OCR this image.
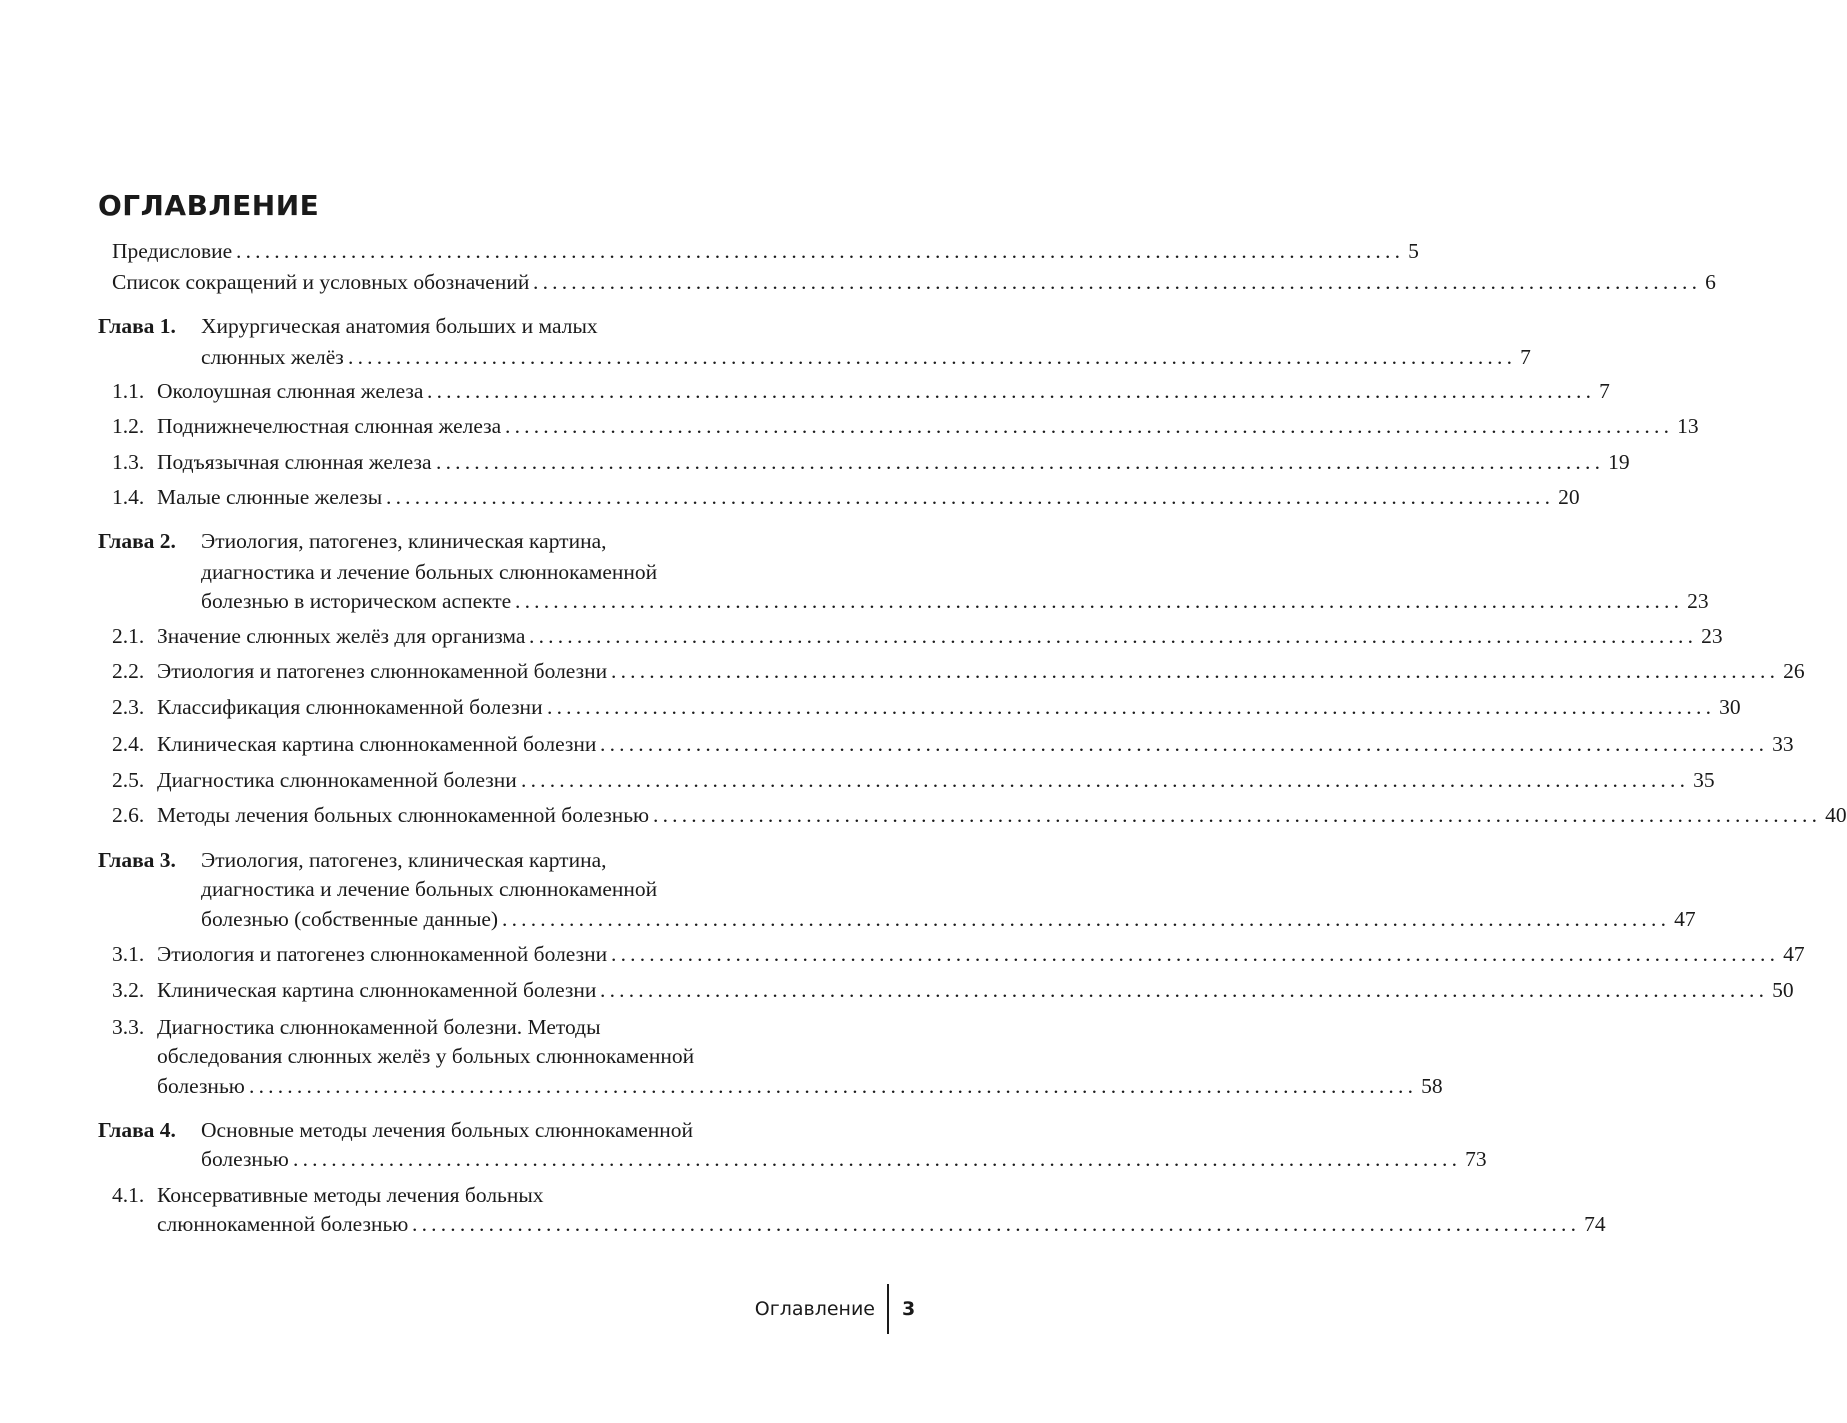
ОГЛАВЛЕНИЕ
Предисловие .......................................................................................................................... 5
Список сокращений и условных обозначений .......................................................................................................................... 6
Глава 1. Хирургическая анатомия больших и малых
слюнных желёз .......................................................................................................................... 7
1.1. Околоушная слюнная железа .......................................................................................................................... 7
1.2. Поднижнечелюстная слюнная железа .......................................................................................................................... 13
1.3. Подъязычная слюнная железа .......................................................................................................................... 19
1.4. Малые слюнные железы .......................................................................................................................... 20
Глава 2. Этиология, патогенез, клиническая картина,
диагностика и лечение больных слюннокаменной
болезнью в историческом аспекте .......................................................................................................................... 23
2.1. Значение слюнных желёз для организма .......................................................................................................................... 23
2.2. Этиология и патогенез слюннокаменной болезни .......................................................................................................................... 26
2.3. Классификация слюннокаменной болезни .......................................................................................................................... 30
2.4. Клиническая картина слюннокаменной болезни .......................................................................................................................... 33
2.5. Диагностика слюннокаменной болезни .......................................................................................................................... 35
2.6. Методы лечения больных слюннокаменной болезнью .......................................................................................................................... 40
Глава 3. Этиология, патогенез, клиническая картина,
диагностика и лечение больных слюннокаменной
болезнью (собственные данные) .......................................................................................................................... 47
3.1. Этиология и патогенез слюннокаменной болезни .......................................................................................................................... 47
3.2. Клиническая картина слюннокаменной болезни .......................................................................................................................... 50
3.3. Диагностика слюннокаменной болезни. Методы
обследования слюнных желёз у больных слюннокаменной
болезнью .......................................................................................................................... 58
Глава 4. Основные методы лечения больных слюннокаменной
болезнью .......................................................................................................................... 73
4.1. Консервативные методы лечения больных
слюннокаменной болезнью .......................................................................................................................... 74
Оглавление 3
